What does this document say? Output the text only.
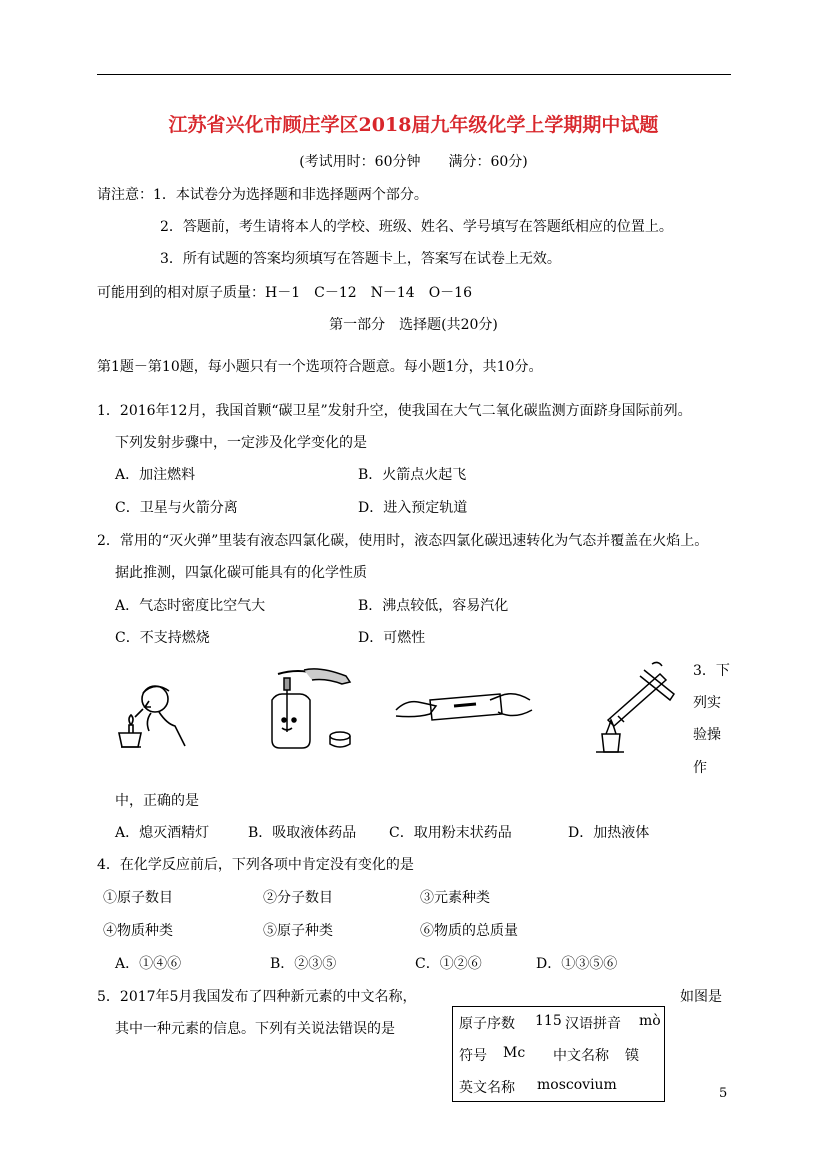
江苏省兴化市顾庄学区2018届九年级化学上学期期中试题
(考试用时：60分钟　　满分：60分)
请注意：1．本试卷分为选择题和非选择题两个部分。
2．答题前，考生请将本人的学校、班级、姓名、学号填写在答题纸相应的位置上。
3．所有试题的答案均须填写在答题卡上，答案写在试卷上无效。
可能用到的相对原子质量：H－1　C－12　N－14　O－16
第一部分　选择题(共20分)
第1题－第10题，每小题只有一个选项符合题意。每小题1分，共10分。
1．2016年12月，我国首颗“碳卫星”发射升空，使我国在大气二氧化碳监测方面跻身国际前列。
下列发射步骤中，一定涉及化学变化的是
A．加注燃料	B．火箭点火起飞
C．卫星与火箭分离	D．进入预定轨道
2．常用的“灭火弹”里装有液态四氯化碳，使用时，液态四氯化碳迅速转化为气态并覆盖在火焰上。
据此推测，四氯化碳可能具有的化学性质
A．气态时密度比空气大	B．沸点较低，容易汽化
C．不支持燃烧	D．可燃性
3．下
列实
验操
作
中，正确的是
A．熄灭酒精灯	B．吸取液体药品 C．取用粉末状药品	D．加热液体
4．在化学反应前后，下列各项中肯定没有变化的是
①原子数目	②分子数目	③元素种类
④物质种类	⑤原子种类	⑥物质的总质量
A．①④⑥	B．②③⑤	C．①②⑥	D．①③⑤⑥
5．2017年5月我国发布了四种新元素的中文名称，	如图是
其中一种元素的信息。下列有关说法错误的是	原子序数 115 汉语拼音 mò
符号 Mc 中文名称 镆
英文名称 moscovium
5
